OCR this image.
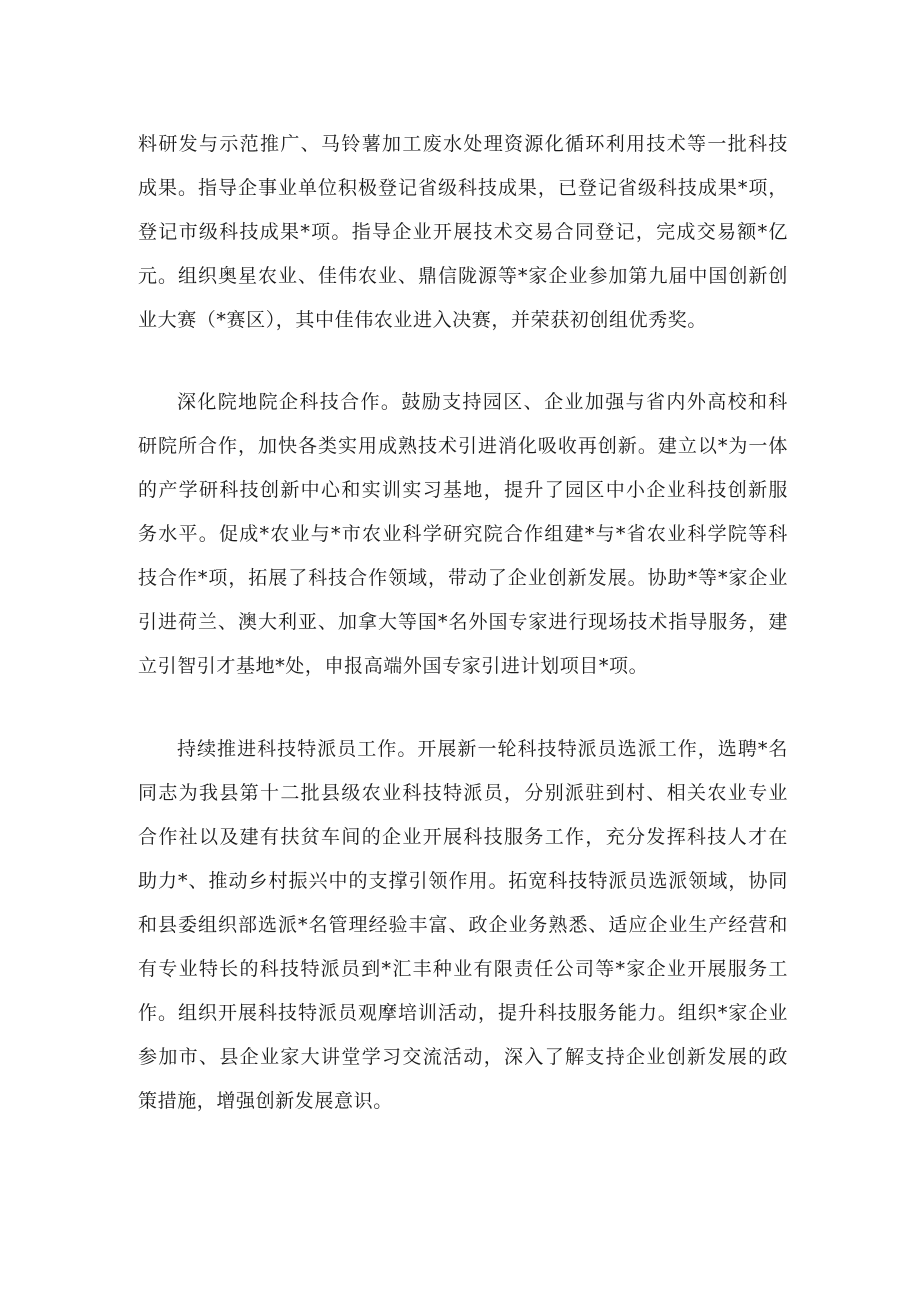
料研发与示范推广、马铃薯加工废水处理资源化循环利用技术等一批科技
成果。指导企事业单位积极登记省级科技成果，已登记省级科技成果*项，
登记市级科技成果*项。指导企业开展技术交易合同登记，完成交易额*亿
元。组织奥星农业、佳伟农业、鼎信陇源等*家企业参加第九届中国创新创
业大赛（*赛区），其中佳伟农业进入决赛，并荣获初创组优秀奖。
深化院地院企科技合作。鼓励支持园区、企业加强与省内外高校和科
研院所合作，加快各类实用成熟技术引进消化吸收再创新。建立以*为一体
的产学研科技创新中心和实训实习基地，提升了园区中小企业科技创新服
务水平。促成*农业与*市农业科学研究院合作组建*与*省农业科学院等科
技合作*项，拓展了科技合作领域，带动了企业创新发展。协助*等*家企业
引进荷兰、澳大利亚、加拿大等国*名外国专家进行现场技术指导服务，建
立引智引才基地*处，申报高端外国专家引进计划项目*项。
持续推进科技特派员工作。开展新一轮科技特派员选派工作，选聘*名
同志为我县第十二批县级农业科技特派员，分别派驻到村、相关农业专业
合作社以及建有扶贫车间的企业开展科技服务工作，充分发挥科技人才在
助力*、推动乡村振兴中的支撑引领作用。拓宽科技特派员选派领域，协同
和县委组织部选派*名管理经验丰富、政企业务熟悉、适应企业生产经营和
有专业特长的科技特派员到*汇丰种业有限责任公司等*家企业开展服务工
作。组织开展科技特派员观摩培训活动，提升科技服务能力。组织*家企业
参加市、县企业家大讲堂学习交流活动，深入了解支持企业创新发展的政
策措施，增强创新发展意识。
